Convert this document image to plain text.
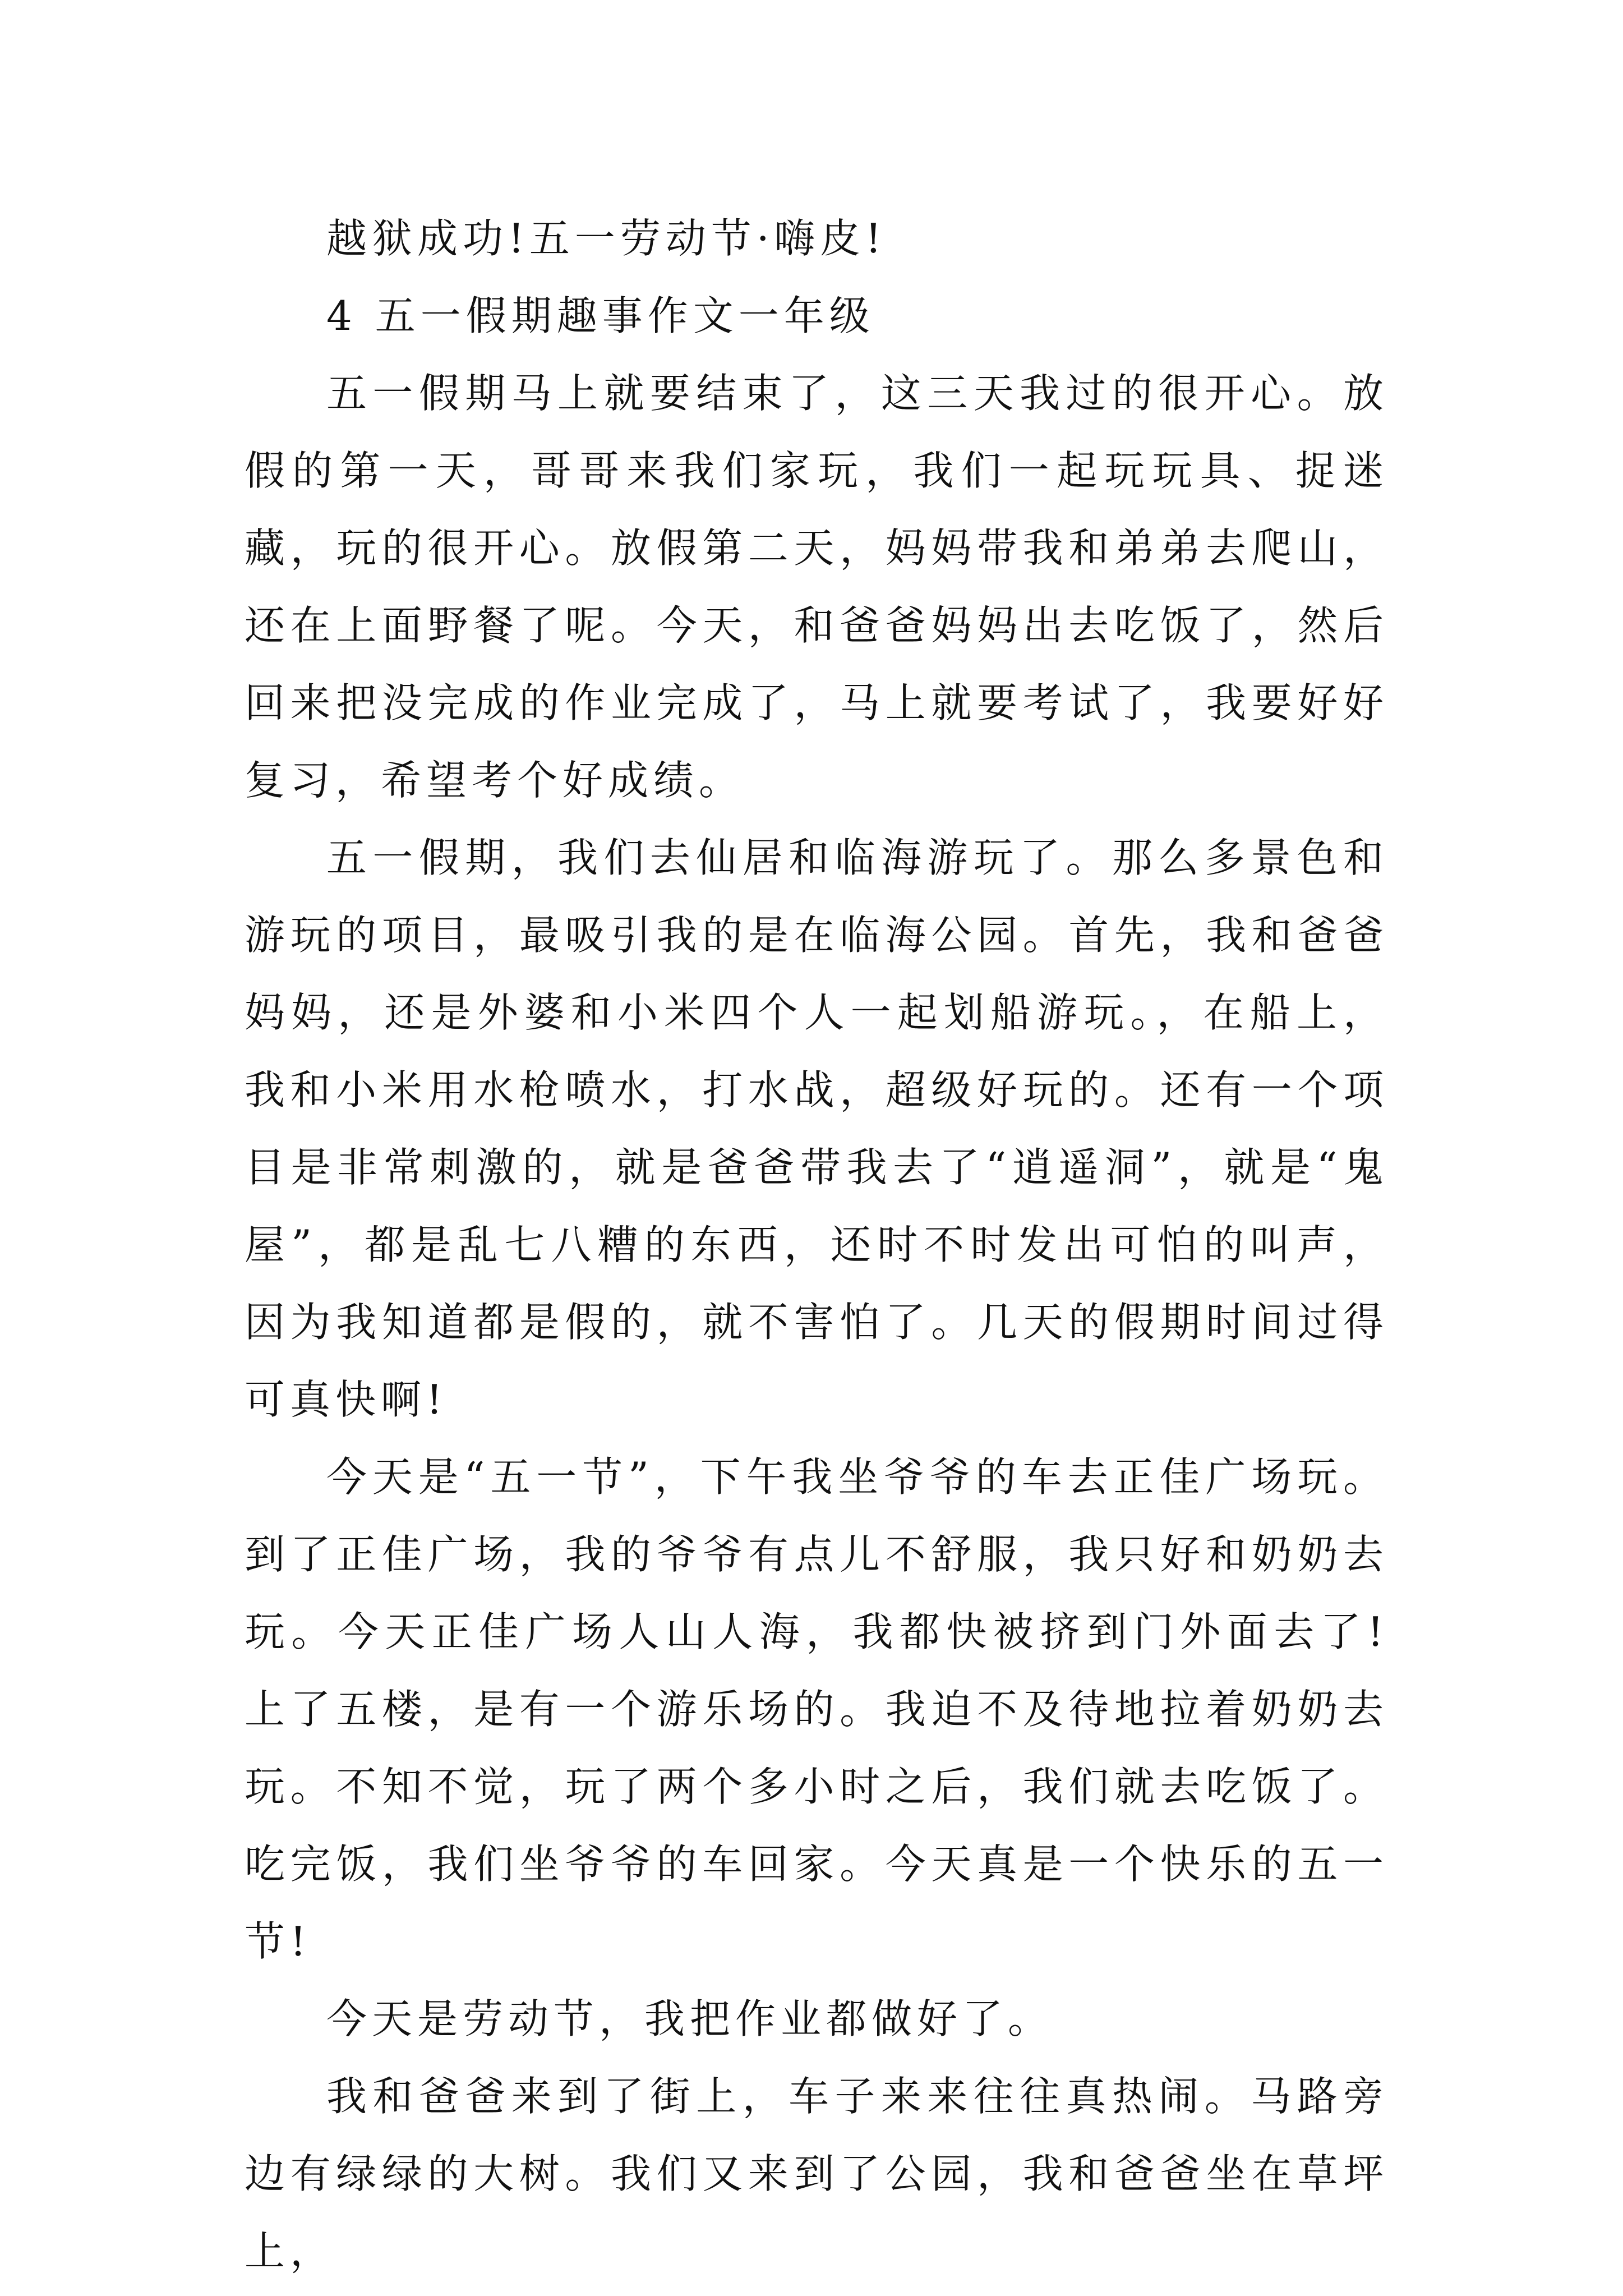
越狱成功!五一劳动节·嗨皮!

4 五一假期趣事作文一年级

五一假期马上就要结束了，这三天我过的很开心。放假的第一天，哥哥来我们家玩，我们一起玩玩具、捉迷藏，玩的很开心。放假第二天，妈妈带我和弟弟去爬山，还在上面野餐了呢。今天，和爸爸妈妈出去吃饭了，然后回来把没完成的作业完成了，马上就要考试了，我要好好复习，希望考个好成绩。

五一假期，我们去仙居和临海游玩了。那么多景色和游玩的项目，最吸引我的是在临海公园。首先，我和爸爸妈妈，还是外婆和小米四个人一起划船游玩。，在船上，我和小米用水枪喷水，打水战，超级好玩的。还有一个项目是非常刺激的，就是爸爸带我去了“逍遥洞”，就是“鬼屋”，都是乱七八糟的东西，还时不时发出可怕的叫声，因为我知道都是假的，就不害怕了。几天的假期时间过得可真快啊!

今天是“五一节”，下午我坐爷爷的车去正佳广场玩。到了正佳广场，我的爷爷有点儿不舒服，我只好和奶奶去玩。今天正佳广场人山人海，我都快被挤到门外面去了!上了五楼，是有一个游乐场的。我迫不及待地拉着奶奶去玩。不知不觉，玩了两个多小时之后，我们就去吃饭了。吃完饭，我们坐爷爷的车回家。今天真是一个快乐的五一节!

今天是劳动节，我把作业都做好了。

我和爸爸来到了街上，车子来来往往真热闹。马路旁边有绿绿的大树。我们又来到了公园，我和爸爸坐在草坪上，
